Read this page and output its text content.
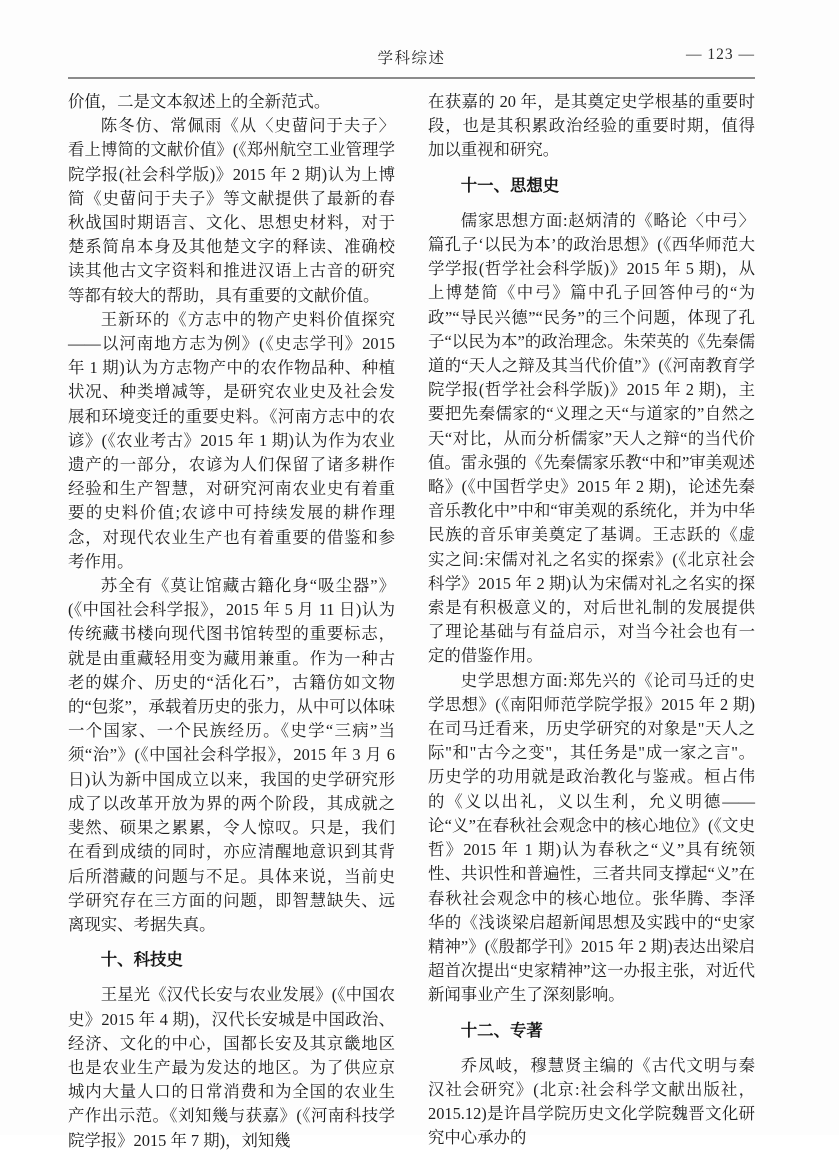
学科综述	— 123 —

价值，二是文本叙述上的全新范式。

陈冬仿、常佩雨《从〈史蒥问于夫子〉看上博简的文献价值》(《郑州航空工业管理学院学报(社会科学版)》2015 年 2 期)认为上博简《史蒥问于夫子》等文献提供了最新的春秋战国时期语言、文化、思想史材料，对于楚系简帛本身及其他楚文字的释读、准确校读其他古文字资料和推进汉语上古音的研究等都有较大的帮助，具有重要的文献价值。

王新环的《方志中的物产史料价值探究——以河南地方志为例》(《史志学刊》2015 年 1 期)认为方志物产中的农作物品种、种植状况、种类增减等，是研究农业史及社会发展和环境变迁的重要史料。《河南方志中的农谚》(《农业考古》2015 年 1 期)认为作为农业遗产的一部分，农谚为人们保留了诸多耕作经验和生产智慧，对研究河南农业史有着重要的史料价值;农谚中可持续发展的耕作理念，对现代农业生产也有着重要的借鉴和参考作用。

苏全有《莫让馆藏古籍化身“吸尘器”》(《中国社会科学报》，2015 年 5 月 11 日)认为传统藏书楼向现代图书馆转型的重要标志，就是由重藏轻用变为藏用兼重。作为一种古老的媒介、历史的“活化石”，古籍仿如文物的“包浆”，承载着历史的张力，从中可以体味一个国家、一个民族经历。《史学“三病”当须“治”》(《中国社会科学报》，2015 年 3 月 6 日)认为新中国成立以来，我国的史学研究形成了以改革开放为界的两个阶段，其成就之斐然、硕果之累累，令人惊叹。只是，我们在看到成绩的同时，亦应清醒地意识到其背后所潜藏的问题与不足。具体来说，当前史学研究存在三方面的问题，即智慧缺失、远离现实、考据失真。

十、科技史

王星光《汉代长安与农业发展》(《中国农史》2015 年 4 期)，汉代长安城是中国政治、经济、文化的中心，国都长安及其京畿地区也是农业生产最为发达的地区。为了供应京城内大量人口的日常消费和为全国的农业生产作出示范。《刘知幾与获嘉》(《河南科技学院学报》2015 年 7 期)，刘知幾

在获嘉的 20 年，是其奠定史学根基的重要时段，也是其积累政治经验的重要时期，值得加以重视和研究。

十一、思想史

儒家思想方面:赵炳清的《略论〈中弓〉篇孔子‘以民为本’的政治思想》(《西华师范大学学报(哲学社会科学版)》2015 年 5 期)，从上博楚简《中弓》篇中孔子回答仲弓的“为政”“导民兴德”“民务”的三个问题，体现了孔子“以民为本”的政治理念。朱荣英的《先秦儒道的“天人之辩及其当代价值”》(《河南教育学院学报(哲学社会科学版)》2015 年 2 期)，主要把先秦儒家的“义理之天“与道家的”自然之天“对比，从而分析儒家”天人之辩“的当代价值。雷永强的《先秦儒家乐教“中和”审美观述略》(《中国哲学史》2015 年 2 期)，论述先秦音乐教化中”中和“审美观的系统化，并为中华民族的音乐审美奠定了基调。王志跃的《虚实之间:宋儒对礼之名实的探索》(《北京社会科学》2015 年 2 期)认为宋儒对礼之名实的探索是有积极意义的，对后世礼制的发展提供了理论基础与有益启示，对当今社会也有一定的借鉴作用。

史学思想方面:郑先兴的《论司马迁的史学思想》(《南阳师范学院学报》2015 年 2 期)在司马迁看来，历史学研究的对象是"天人之际"和"古今之变"，其任务是"成一家之言"。历史学的功用就是政治教化与鉴戒。桓占伟的《义以出礼，义以生利，允义明德——论“义”在春秋社会观念中的核心地位》(《文史哲》2015 年 1 期)认为春秋之“义”具有统领性、共识性和普遍性，三者共同支撑起“义”在春秋社会观念中的核心地位。张华腾、李泽华的《浅谈梁启超新闻思想及实践中的“史家精神”》(《殷都学刊》2015 年 2 期)表达出梁启超首次提出“史家精神”这一办报主张，对近代新闻事业产生了深刻影响。

十二、专著

乔凤岐，穆慧贤主编的《古代文明与秦汉社会研究》(北京:社会科学文献出版社，2015.12)是许昌学院历史文化学院魏晋文化研究中心承办的
